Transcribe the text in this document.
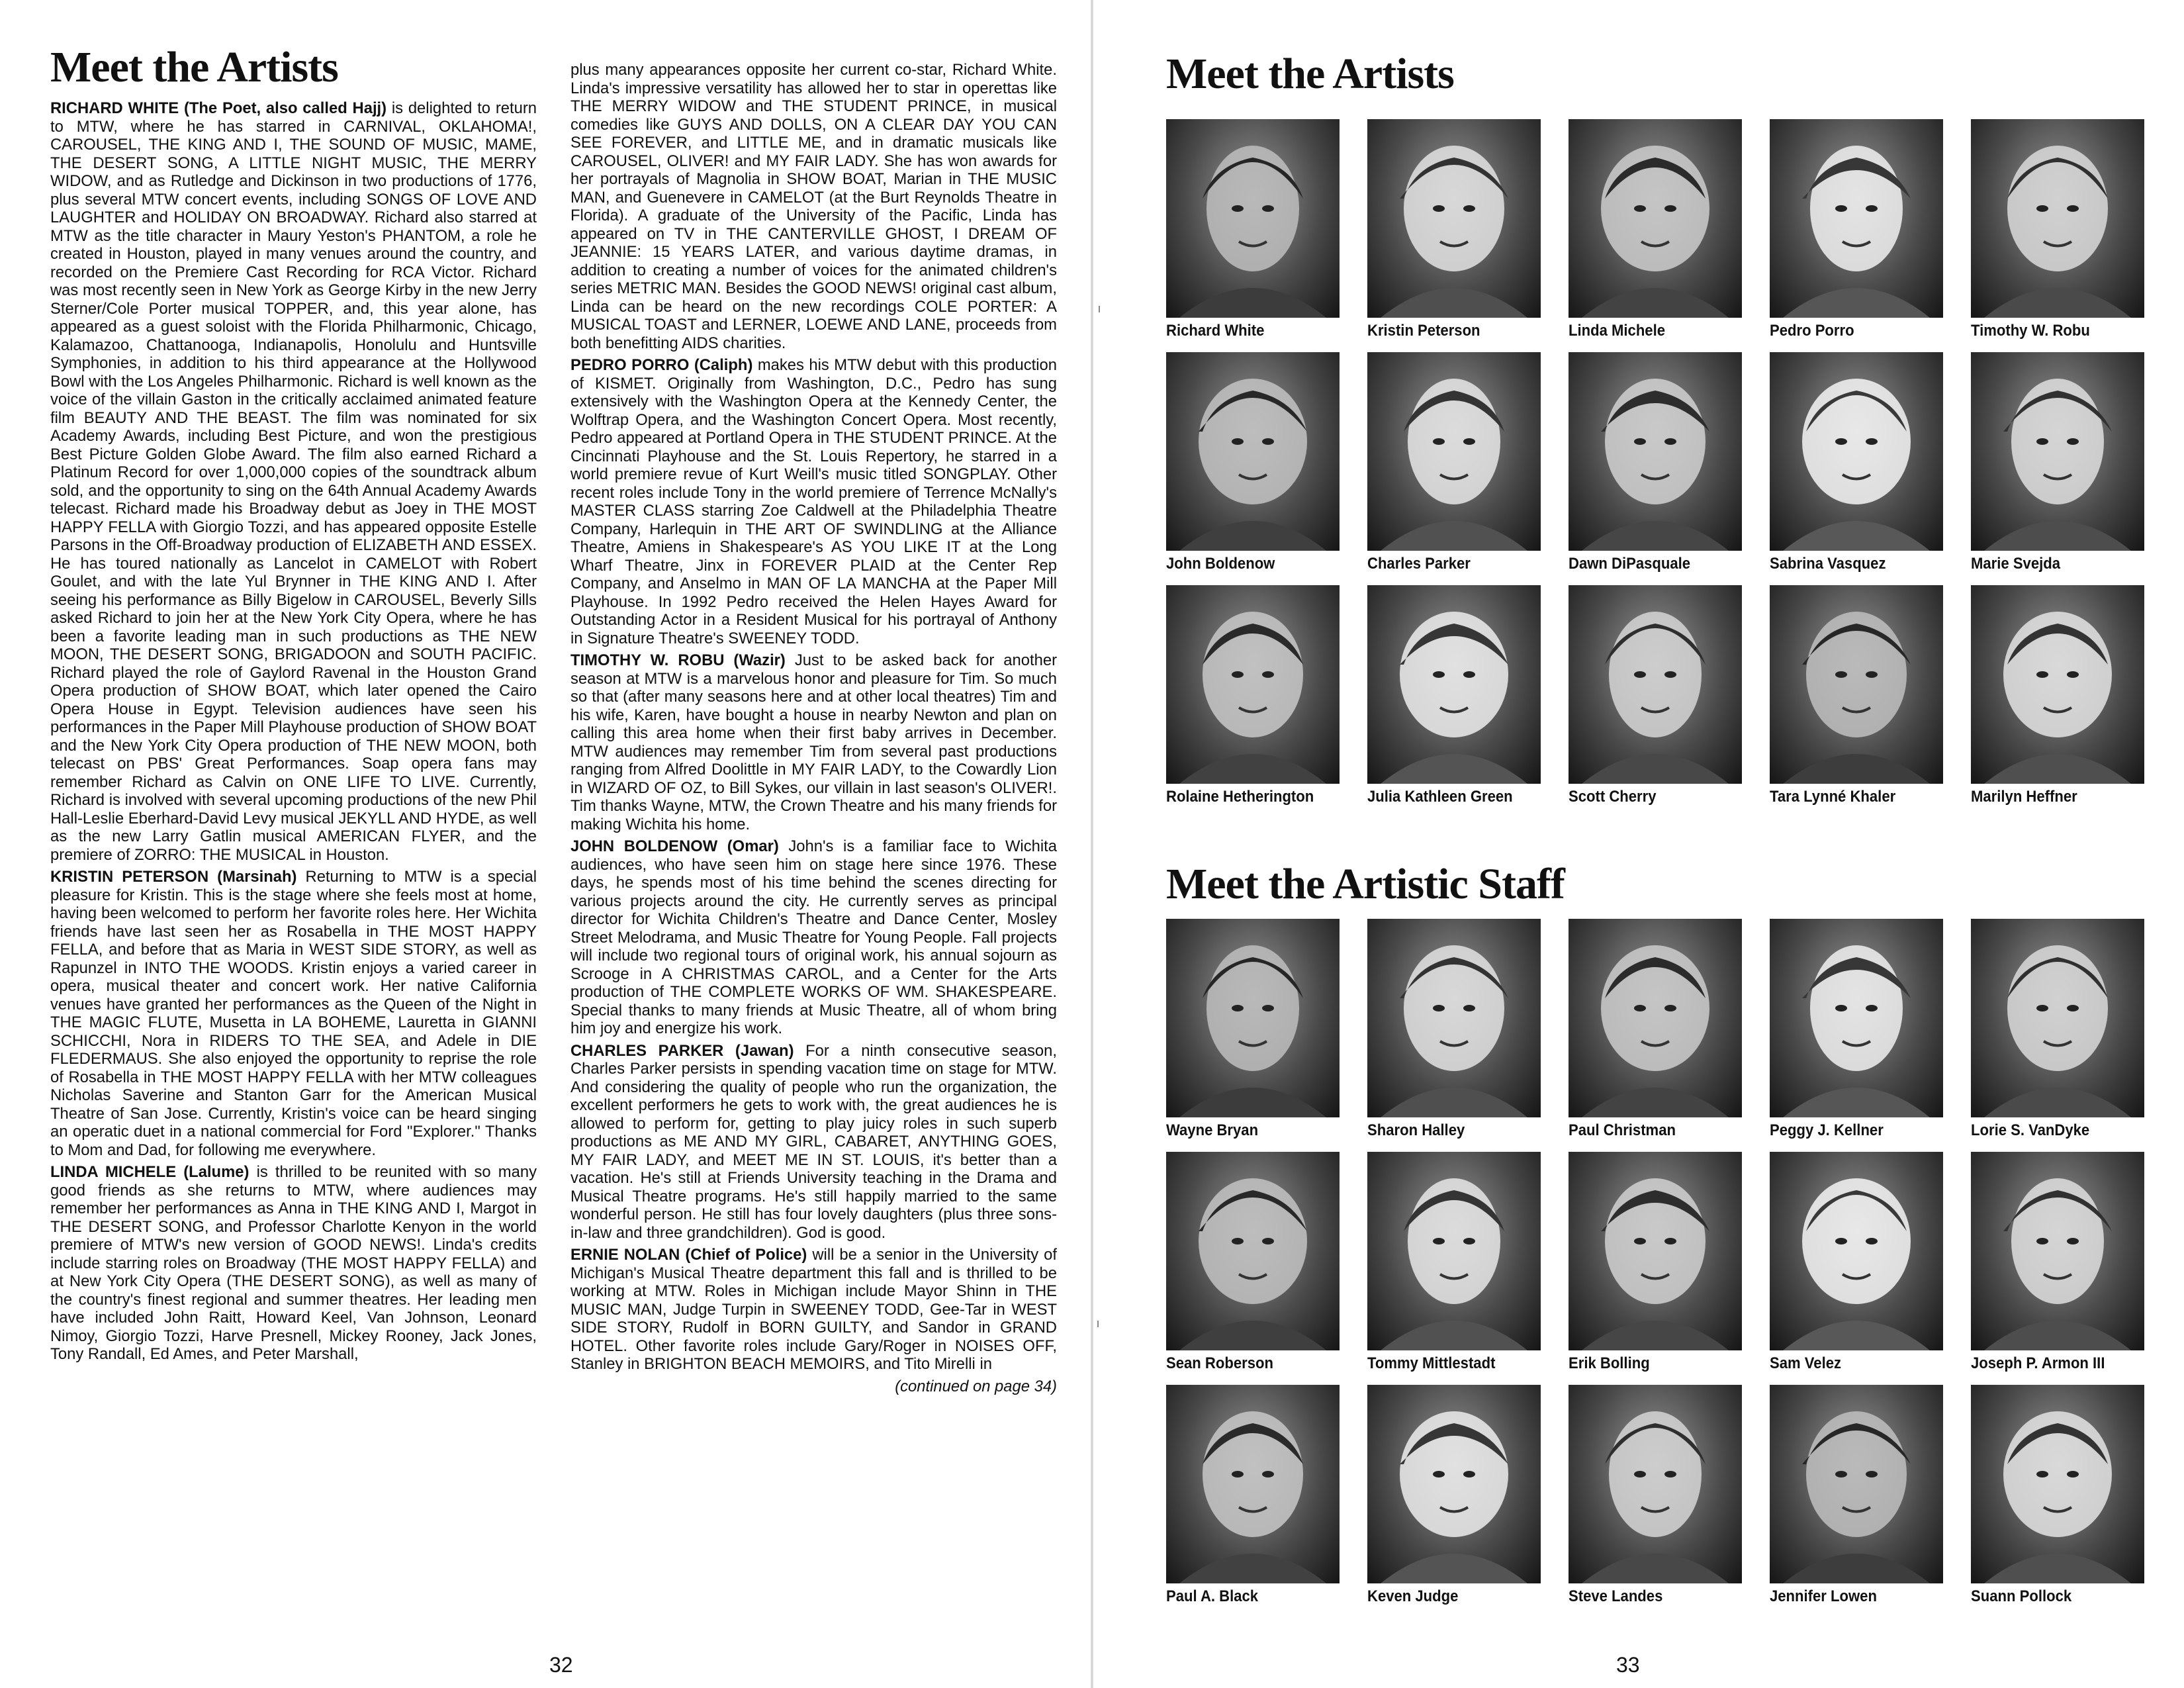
Meet the Artists

RICHARD WHITE (The Poet, also called Hajj) is delighted to return to MTW, where he has starred in CARNIVAL, OKLAHOMA!, CAROUSEL, THE KING AND I, THE SOUND OF MUSIC, MAME, THE DESERT SONG, A LITTLE NIGHT MUSIC, THE MERRY WIDOW, and as Rutledge and Dickinson in two productions of 1776, plus several MTW concert events, including SONGS OF LOVE AND LAUGHTER and HOLIDAY ON BROADWAY. Richard also starred at MTW as the title character in Maury Yeston's PHANTOM, a role he created in Houston, played in many venues around the country, and recorded on the Premiere Cast Recording for RCA Victor. Richard was most recently seen in New York as George Kirby in the new Jerry Sterner/Cole Porter musical TOPPER, and, this year alone, has appeared as a guest soloist with the Florida Philharmonic, Chicago, Kalamazoo, Chattanooga, Indianapolis, Honolulu and Huntsville Symphonies, in addition to his third appearance at the Hollywood Bowl with the Los Angeles Philharmonic. Richard is well known as the voice of the villain Gaston in the critically acclaimed animated feature film BEAUTY AND THE BEAST. The film was nominated for six Academy Awards, including Best Picture, and won the prestigious Best Picture Golden Globe Award. The film also earned Richard a Platinum Record for over 1,000,000 copies of the soundtrack album sold, and the opportunity to sing on the 64th Annual Academy Awards telecast. Richard made his Broadway debut as Joey in THE MOST HAPPY FELLA with Giorgio Tozzi, and has appeared opposite Estelle Parsons in the Off-Broadway production of ELIZABETH AND ESSEX. He has toured nationally as Lancelot in CAMELOT with Robert Goulet, and with the late Yul Brynner in THE KING AND I. After seeing his performance as Billy Bigelow in CAROUSEL, Beverly Sills asked Richard to join her at the New York City Opera, where he has been a favorite leading man in such productions as THE NEW MOON, THE DESERT SONG, BRIGADOON and SOUTH PACIFIC. Richard played the role of Gaylord Ravenal in the Houston Grand Opera production of SHOW BOAT, which later opened the Cairo Opera House in Egypt. Television audiences have seen his performances in the Paper Mill Playhouse production of SHOW BOAT and the New York City Opera production of THE NEW MOON, both telecast on PBS' Great Performances. Soap opera fans may remember Richard as Calvin on ONE LIFE TO LIVE. Currently, Richard is involved with several upcoming productions of the new Phil Hall-Leslie Eberhard-David Levy musical JEKYLL AND HYDE, as well as the new Larry Gatlin musical AMERICAN FLYER, and the premiere of ZORRO: THE MUSICAL in Houston.

KRISTIN PETERSON (Marsinah) Returning to MTW is a special pleasure for Kristin. This is the stage where she feels most at home, having been welcomed to perform her favorite roles here. Her Wichita friends have last seen her as Rosabella in THE MOST HAPPY FELLA, and before that as Maria in WEST SIDE STORY, as well as Rapunzel in INTO THE WOODS. Kristin enjoys a varied career in opera, musical theater and concert work. Her native California venues have granted her performances as the Queen of the Night in THE MAGIC FLUTE, Musetta in LA BOHEME, Lauretta in GIANNI SCHICCHI, Nora in RIDERS TO THE SEA, and Adele in DIE FLEDERMAUS. She also enjoyed the opportunity to reprise the role of Rosabella in THE MOST HAPPY FELLA with her MTW colleagues Nicholas Saverine and Stanton Garr for the American Musical Theatre of San Jose. Currently, Kristin's voice can be heard singing an operatic duet in a national commercial for Ford "Explorer." Thanks to Mom and Dad, for following me everywhere.

LINDA MICHELE (Lalume) is thrilled to be reunited with so many good friends as she returns to MTW, where audiences may remember her performances as Anna in THE KING AND I, Margot in THE DESERT SONG, and Professor Charlotte Kenyon in the world premiere of MTW's new version of GOOD NEWS!. Linda's credits include starring roles on Broadway (THE MOST HAPPY FELLA) and at New York City Opera (THE DESERT SONG), as well as many of the country's finest regional and summer theatres. Her leading men have included John Raitt, Howard Keel, Van Johnson, Leonard Nimoy, Giorgio Tozzi, Harve Presnell, Mickey Rooney, Jack Jones, Tony Randall, Ed Ames, and Peter Marshall,

plus many appearances opposite her current co-star, Richard White. Linda's impressive versatility has allowed her to star in operettas like THE MERRY WIDOW and THE STUDENT PRINCE, in musical comedies like GUYS AND DOLLS, ON A CLEAR DAY YOU CAN SEE FOREVER, and LITTLE ME, and in dramatic musicals like CAROUSEL, OLIVER! and MY FAIR LADY. She has won awards for her portrayals of Magnolia in SHOW BOAT, Marian in THE MUSIC MAN, and Guenevere in CAMELOT (at the Burt Reynolds Theatre in Florida). A graduate of the University of the Pacific, Linda has appeared on TV in THE CANTERVILLE GHOST, I DREAM OF JEANNIE: 15 YEARS LATER, and various daytime dramas, in addition to creating a number of voices for the animated children's series METRIC MAN. Besides the GOOD NEWS! original cast album, Linda can be heard on the new recordings COLE PORTER: A MUSICAL TOAST and LERNER, LOEWE AND LANE, proceeds from both benefitting AIDS charities.

PEDRO PORRO (Caliph) makes his MTW debut with this production of KISMET. Originally from Washington, D.C., Pedro has sung extensively with the Washington Opera at the Kennedy Center, the Wolftrap Opera, and the Washington Concert Opera. Most recently, Pedro appeared at Portland Opera in THE STUDENT PRINCE. At the Cincinnati Playhouse and the St. Louis Repertory, he starred in a world premiere revue of Kurt Weill's music titled SONGPLAY. Other recent roles include Tony in the world premiere of Terrence McNally's MASTER CLASS starring Zoe Caldwell at the Philadelphia Theatre Company, Harlequin in THE ART OF SWINDLING at the Alliance Theatre, Amiens in Shakespeare's AS YOU LIKE IT at the Long Wharf Theatre, Jinx in FOREVER PLAID at the Center Rep Company, and Anselmo in MAN OF LA MANCHA at the Paper Mill Playhouse. In 1992 Pedro received the Helen Hayes Award for Outstanding Actor in a Resident Musical for his portrayal of Anthony in Signature Theatre's SWEENEY TODD.

TIMOTHY W. ROBU (Wazir) Just to be asked back for another season at MTW is a marvelous honor and pleasure for Tim. So much so that (after many seasons here and at other local theatres) Tim and his wife, Karen, have bought a house in nearby Newton and plan on calling this area home when their first baby arrives in December. MTW audiences may remember Tim from several past productions ranging from Alfred Doolittle in MY FAIR LADY, to the Cowardly Lion in WIZARD OF OZ, to Bill Sykes, our villain in last season's OLIVER!. Tim thanks Wayne, MTW, the Crown Theatre and his many friends for making Wichita his home.

JOHN BOLDENOW (Omar) John's is a familiar face to Wichita audiences, who have seen him on stage here since 1976. These days, he spends most of his time behind the scenes directing for various projects around the city. He currently serves as principal director for Wichita Children's Theatre and Dance Center, Mosley Street Melodrama, and Music Theatre for Young People. Fall projects will include two regional tours of original work, his annual sojourn as Scrooge in A CHRISTMAS CAROL, and a Center for the Arts production of THE COMPLETE WORKS OF WM. SHAKESPEARE. Special thanks to many friends at Music Theatre, all of whom bring him joy and energize his work.

CHARLES PARKER (Jawan) For a ninth consecutive season, Charles Parker persists in spending vacation time on stage for MTW. And considering the quality of people who run the organization, the excellent performers he gets to work with, the great audiences he is allowed to perform for, getting to play juicy roles in such superb productions as ME AND MY GIRL, CABARET, ANYTHING GOES, MY FAIR LADY, and MEET ME IN ST. LOUIS, it's better than a vacation. He's still at Friends University teaching in the Drama and Musical Theatre programs. He's still happily married to the same wonderful person. He still has four lovely daughters (plus three sons-in-law and three grandchildren). God is good.

ERNIE NOLAN (Chief of Police) will be a senior in the University of Michigan's Musical Theatre department this fall and is thrilled to be working at MTW. Roles in Michigan include Mayor Shinn in THE MUSIC MAN, Judge Turpin in SWEENEY TODD, Gee-Tar in WEST SIDE STORY, Rudolf in BORN GUILTY, and Sandor in GRAND HOTEL. Other favorite roles include Gary/Roger in NOISES OFF, Stanley in BRIGHTON BEACH MEMOIRS, and Tito Mirelli in

(continued on page 34)
32
Meet the Artists
Richard White	Kristin Peterson	Linda Michele	Pedro Porro	Timothy W. Robu
John Boldenow	Charles Parker	Dawn DiPasquale	Sabrina Vasquez	Marie Svejda
Rolaine Hetherington	Julia Kathleen Green	Scott Cherry	Tara Lynné Khaler	Marilyn Heffner
Meet the Artistic Staff
Wayne Bryan	Sharon Halley	Paul Christman	Peggy J. Kellner	Lorie S. VanDyke
Sean Roberson	Tommy Mittlestadt	Erik Bolling	Sam Velez	Joseph P. Armon III
Paul A. Black	Keven Judge	Steve Landes	Jennifer Lowen	Suann Pollock
33
